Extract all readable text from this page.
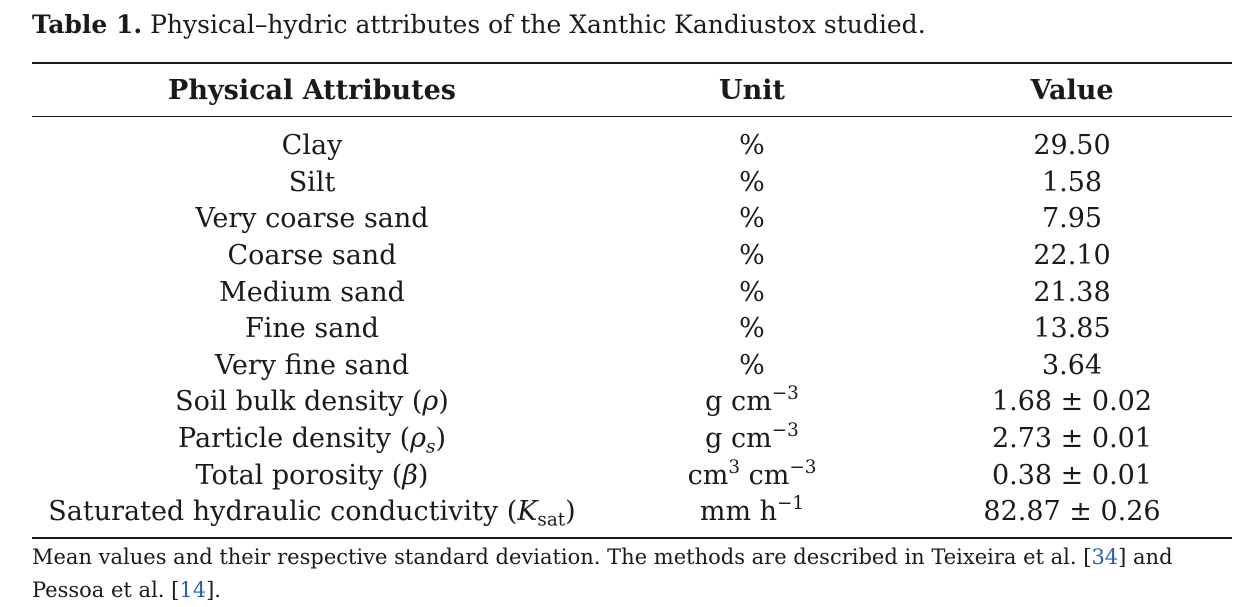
Table 1. Physical–hydric attributes of the Xanthic Kandiustox studied.
Physical Attributes	Unit	Value
Clay	%	29.50
Silt	%	1.58
Very coarse sand	%	7.95
Coarse sand	%	22.10
Medium sand	%	21.38
Fine sand	%	13.85
Very fine sand	%	3.64
Soil bulk density (ρ)	g $cm^{-3}$	1.68 ± 0.02
Particle density $(\rho_s)$	g $cm^{-3}$	2.73 ± 0.01
Total porosity (β)	$cm^3$ $cm^{-3}$	0.38 ± 0.01
Saturated hydraulic conductivity $(K_{sat})$	mm $h^{-1}$	82.87 ± 0.26
Mean values and their respective standard deviation. The methods are described in Teixeira et al. [34] and Pessoa et al. [14].
